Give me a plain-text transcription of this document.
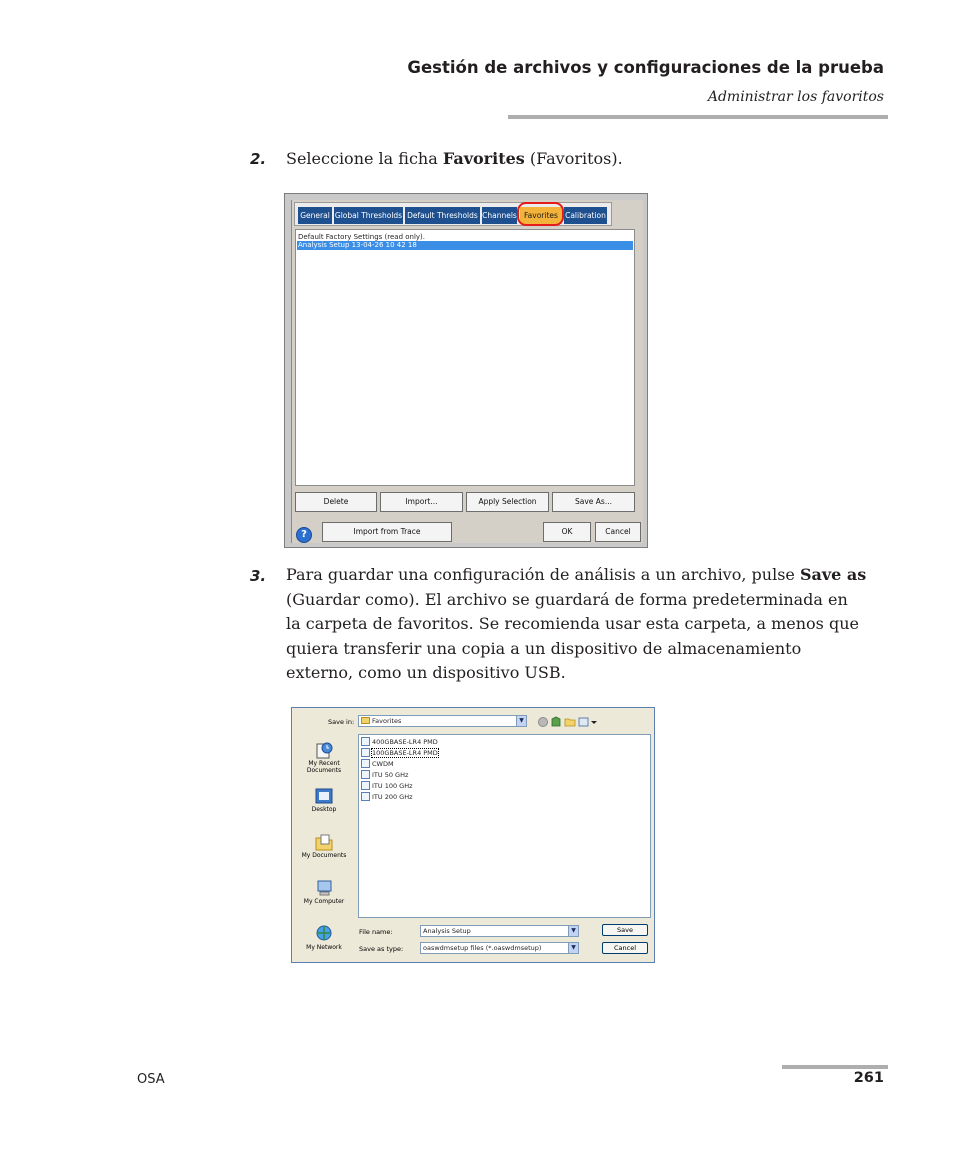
Gestión de archivos y configuraciones de la prueba
Administrar los favoritos
2. Seleccione la ficha Favorites (Favoritos).
General Global Thresholds Default Thresholds Channels Favorites Calibration
Default Factory Settings (read only).
Analysis Setup 13-04-26 10 42 18
Delete	Import...	Apply Selection	Save As...
?	Import from Trace	OK	Cancel
3. Para guardar una configuración de análisis a un archivo, pulse Save as
(Guardar como). El archivo se guardará de forma predeterminada en
la carpeta de favoritos. Se recomienda usar esta carpeta, a menos que
quiera transferir una copia a un dispositivo de almacenamiento
externo, como un dispositivo USB.
Save in:	Favorites	▼
My Recent
Documents
Desktop
My Documents
My Computer
My Network
400GBASE-LR4 PMD
100GBASE-LR4 PMD
CWDM
ITU 50 GHz
ITU 100 GHz
ITU 200 GHz
File name:	Analysis Setup	▼
Save as type:	oaswdmsetup files (*.oaswdmsetup)	▼
Save
Cancel
OSA	261
